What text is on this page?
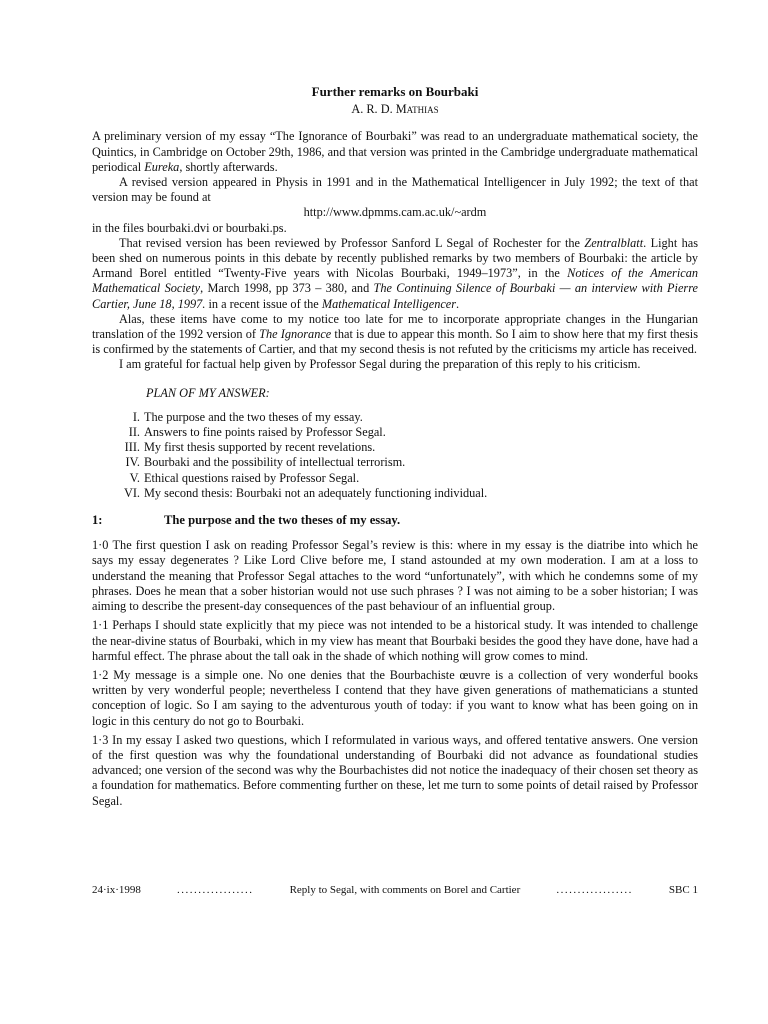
Further remarks on Bourbaki

A. R. D. Mathias

A preliminary version of my essay “The Ignorance of Bourbaki” was read to an undergraduate mathematical society, the Quintics, in Cambridge on October 29th, 1986, and that version was printed in the Cambridge undergraduate mathematical periodical Eureka, shortly afterwards.

A revised version appeared in Physis in 1991 and in the Mathematical Intelligencer in July 1992; the text of that version may be found at

http://www.dpmms.cam.ac.uk/~ardm

in the files bourbaki.dvi or bourbaki.ps.

That revised version has been reviewed by Professor Sanford L Segal of Rochester for the Zentralblatt. Light has been shed on numerous points in this debate by recently published remarks by two members of Bourbaki: the article by Armand Borel entitled “Twenty-Five years with Nicolas Bourbaki, 1949–1973”, in the Notices of the American Mathematical Society, March 1998, pp 373 – 380, and The Continuing Silence of Bourbaki — an interview with Pierre Cartier, June 18, 1997. in a recent issue of the Mathematical Intelligencer.

Alas, these items have come to my notice too late for me to incorporate appropriate changes in the Hungarian translation of the 1992 version of The Ignorance that is due to appear this month. So I aim to show here that my first thesis is confirmed by the statements of Cartier, and that my second thesis is not refuted by the criticisms my article has received.

I am grateful for factual help given by Professor Segal during the preparation of this reply to his criticism.

PLAN OF MY ANSWER:

I. The purpose and the two theses of my essay.
II. Answers to fine points raised by Professor Segal.
III. My first thesis supported by recent revelations.
IV. Bourbaki and the possibility of intellectual terrorism.
V. Ethical questions raised by Professor Segal.
VI. My second thesis: Bourbaki not an adequately functioning individual.
1:	The purpose and the two theses of my essay.

1·0 The first question I ask on reading Professor Segal’s review is this: where in my essay is the diatribe into which he says my essay degenerates ? Like Lord Clive before me, I stand astounded at my own moderation. I am at a loss to understand the meaning that Professor Segal attaches to the word “unfortunately”, with which he condemns some of my phrases. Does he mean that a sober historian would not use such phrases ? I was not aiming to be a sober historian; I was aiming to describe the present-day consequences of the past behaviour of an influential group.

1·1 Perhaps I should state explicitly that my piece was not intended to be a historical study. It was intended to challenge the near-divine status of Bourbaki, which in my view has meant that Bourbaki besides the good they have done, have had a harmful effect. The phrase about the tall oak in the shade of which nothing will grow comes to mind.

1·2 My message is a simple one. No one denies that the Bourbachiste œuvre is a collection of very wonderful books written by very wonderful people; nevertheless I contend that they have given generations of mathematicians a stunted conception of logic. So I am saying to the adventurous youth of today: if you want to know what has been going on in logic in this century do not go to Bourbaki.

1·3 In my essay I asked two questions, which I reformulated in various ways, and offered tentative answers. One version of the first question was why the foundational understanding of Bourbaki did not advance as foundational studies advanced; one version of the second was why the Bourbachistes did not notice the inadequacy of their chosen set theory as a foundation for mathematics. Before commenting further on these, let me turn to some points of detail raised by Professor Segal.

24·ix·1998	..................	Reply to Segal, with comments on Borel and Cartier	..................	SBC 1
